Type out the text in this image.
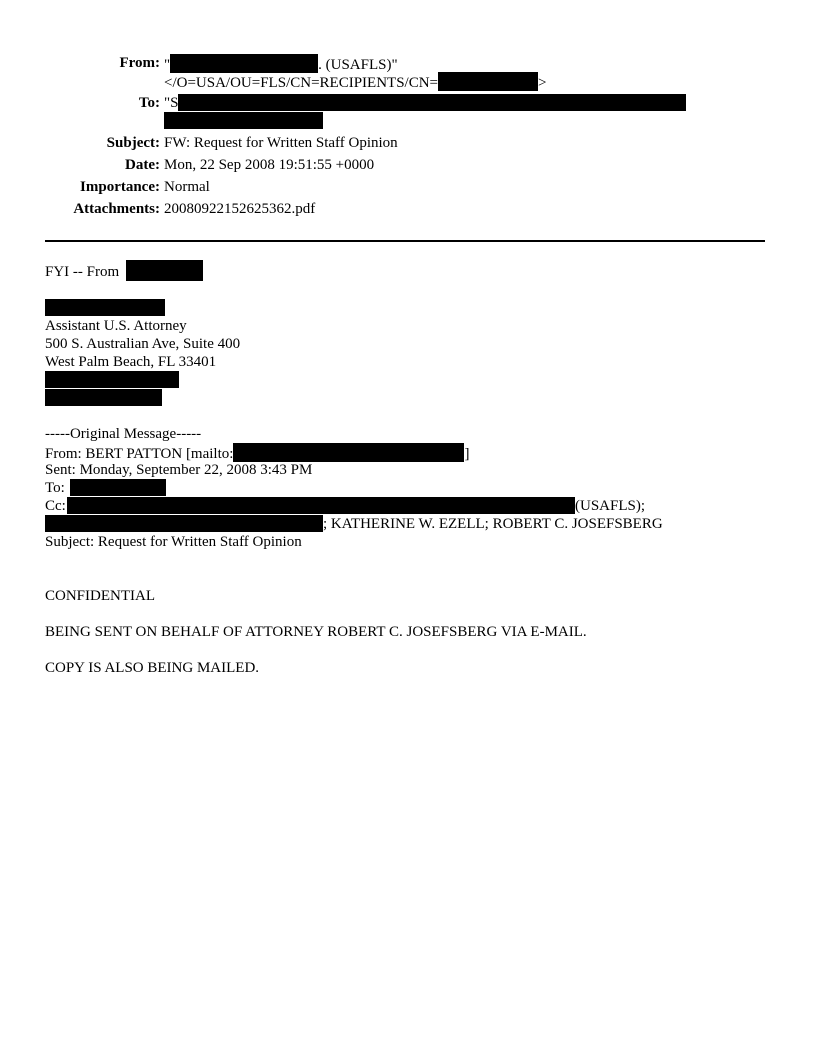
From: "	. (USAFLS)"
</O=USA/OU=FLS/CN=RECIPIENTS/CN=	>
To: "S
Subject: FW: Request for Written Staff Opinion
Date: Mon, 22 Sep 2008 19:51:55 +0000
Importance: Normal
Attachments: 20080922152625362.pdf
FYI -- From
Assistant U.S. Attorney
500 S. Australian Ave, Suite 400
West Palm Beach, FL 33401
-----Original Message-----
From: BERT PATTON [mailto:	]
Sent: Monday, September 22, 2008 3:43 PM
To:
Cc:	(USAFLS);
; KATHERINE W. EZELL; ROBERT C. JOSEFSBERG
Subject: Request for Written Staff Opinion
CONFIDENTIAL
BEING SENT ON BEHALF OF ATTORNEY ROBERT C. JOSEFSBERG VIA E-MAIL.
COPY IS ALSO BEING MAILED.
